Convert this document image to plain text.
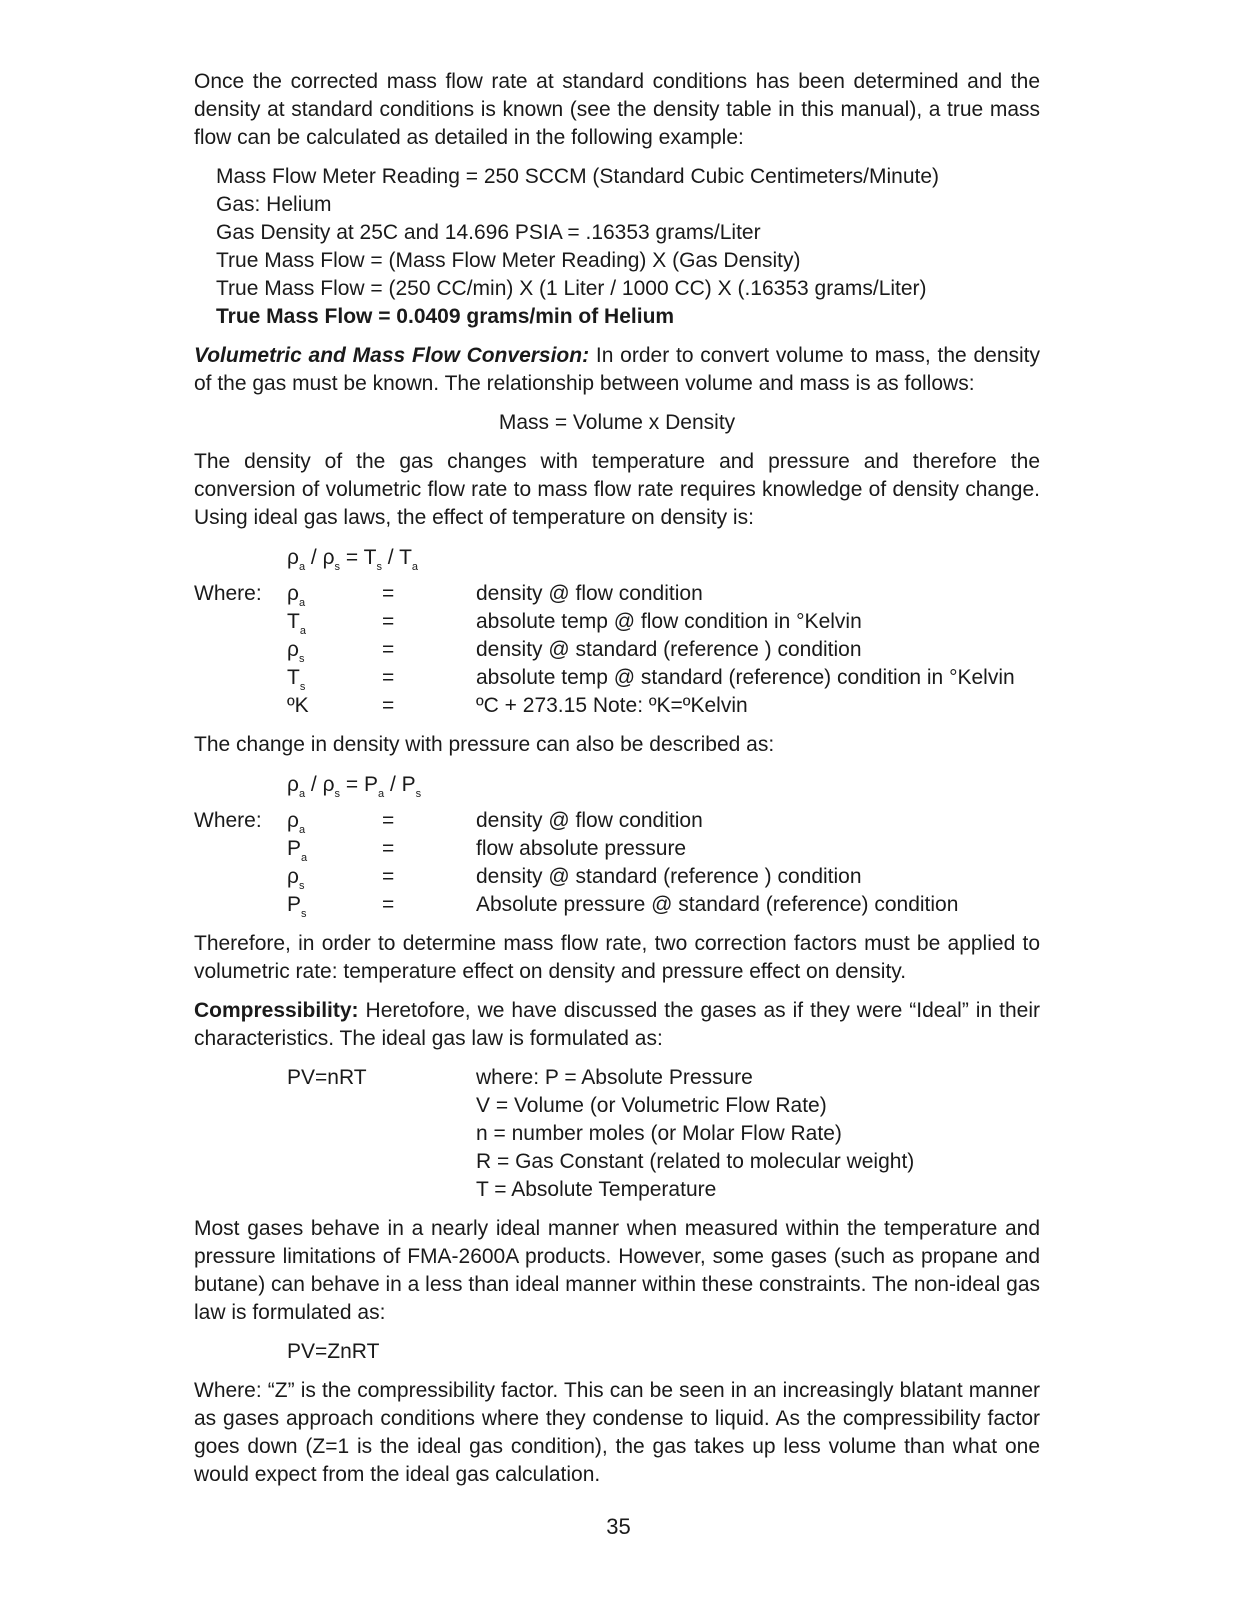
Once the corrected mass flow rate at standard conditions has been determined and the density at standard conditions is known (see the density table in this manual), a true mass flow can be calculated as detailed in the following example:

Mass Flow Meter Reading = 250 SCCM (Standard Cubic Centimeters/Minute)

Gas: Helium

Gas Density at 25C and 14.696 PSIA = .16353 grams/Liter

True Mass Flow = (Mass Flow Meter Reading) X (Gas Density)

True Mass Flow = (250 CC/min) X (1 Liter / 1000 CC) X (.16353 grams/Liter)

True Mass Flow = 0.0409 grams/min of Helium

Volumetric and Mass Flow Conversion: In order to convert volume to mass, the density of the gas must be known. The relationship between volume and mass is as follows:

Mass = Volume x Density

The density of the gas changes with temperature and pressure and therefore the conversion of volumetric flow rate to mass flow rate requires knowledge of density change. Using ideal gas laws, the effect of temperature on density is:

$\rho_a / \rho_s = T_s / T_a$
Where: $\rho_a$	=	density @ flow condition
$T_a$	=	absolute temp @ flow condition in °Kelvin
$\rho_s$	=	density @ standard (reference ) condition
$T_s$	=	absolute temp @ standard (reference) condition in °Kelvin
ºK	=	ºC + 273.15 Note: ºK=ºKelvin

The change in density with pressure can also be described as:

$\rho_a / \rho_s = P_a / P_s$
Where: $\rho_a$	=	density @ flow condition
$P_a$	=	flow absolute pressure
$\rho_s$	=	density @ standard (reference ) condition
$P_s$	=	Absolute pressure @ standard (reference) condition

Therefore, in order to determine mass flow rate, two correction factors must be applied to volumetric rate: temperature effect on density and pressure effect on density.

Compressibility: Heretofore, we have discussed the gases as if they were “Ideal” in their characteristics. The ideal gas law is formulated as:

PV=nRT	where: P = Absolute Pressure
V = Volume (or Volumetric Flow Rate)
n = number moles (or Molar Flow Rate)
R = Gas Constant (related to molecular weight)
T = Absolute Temperature

Most gases behave in a nearly ideal manner when measured within the temperature and pressure limitations of FMA-2600A products. However, some gases (such as propane and butane) can behave in a less than ideal manner within these constraints. The non-ideal gas law is formulated as:

PV=ZnRT

Where: “Z” is the compressibility factor. This can be seen in an increasingly blatant manner as gases approach conditions where they condense to liquid. As the compressibility factor goes down (Z=1 is the ideal gas condition), the gas takes up less volume than what one would expect from the ideal gas calculation.

35
